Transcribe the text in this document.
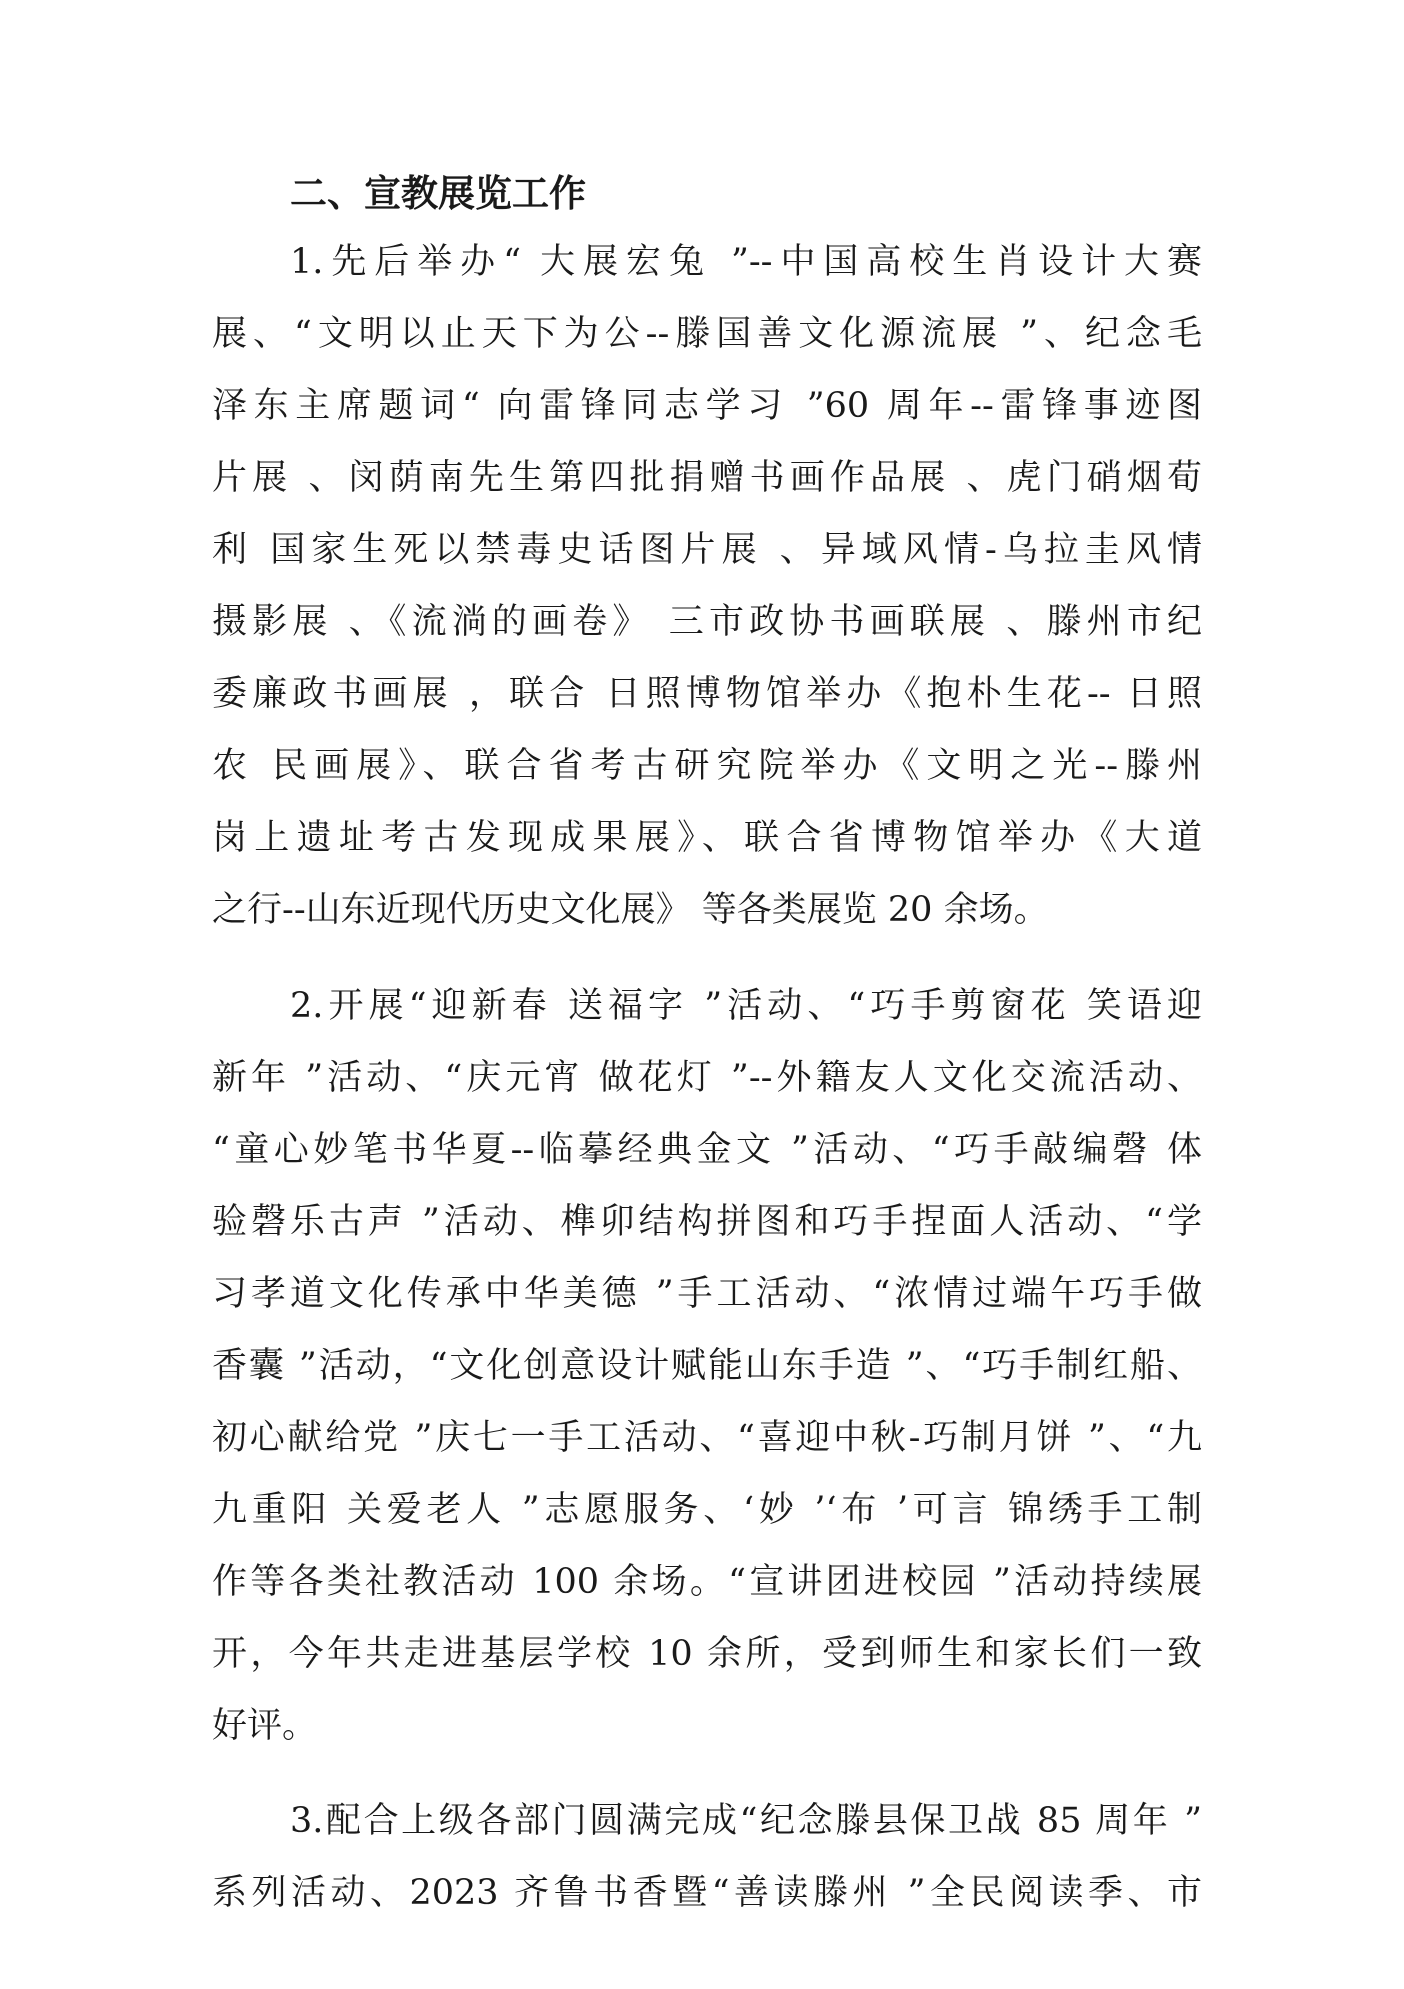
二、宣教展览工作
1.先后举办“ 大展宏兔 ”--中国高校生肖设计大赛
展、“文明以止天下为公--滕国善文化源流展 ”、纪念毛
泽东主席题词“ 向雷锋同志学习 ”60 周年--雷锋事迹图
片展 、闵荫南先生第四批捐赠书画作品展 、虎门硝烟荀
利 国家生死以禁毒史话图片展 、异域风情-乌拉圭风情
摄影展 、《流淌的画卷》 三市政协书画联展 、滕州市纪
委廉政书画展 ，联合 日照博物馆举办《抱朴生花-- 日照
农 民画展》、联合省考古研究院举办《文明之光--滕州
岗上遗址考古发现成果展》、联合省博物馆举办《大道
之行--山东近现代历史文化展》 等各类展览 20 余场。
2.开展“迎新春 送福字 ”活动、“巧手剪窗花 笑语迎
新年 ”活动、“庆元宵 做花灯 ”--外籍友人文化交流活动、
“童心妙笔书华夏--临摹经典金文 ”活动、“巧手敲编磬 体
验磬乐古声 ”活动、榫卯结构拼图和巧手捏面人活动、“学
习孝道文化传承中华美德 ”手工活动、“浓情过端午巧手做
香囊 ”活动，“文化创意设计赋能山东手造 ”、“巧手制红船、
初心献给党 ”庆七一手工活动、“喜迎中秋-巧制月饼 ”、“九
九重阳 关爱老人 ”志愿服务、‘妙 ’‘布 ’可言 锦绣手工制
作等各类社教活动 100 余场。“宣讲团进校园 ”活动持续展
开，今年共走进基层学校 10 余所，受到师生和家长们一致
好评。
3.配合上级各部门圆满完成“纪念滕县保卫战 85 周年 ”
系列活动、2023 齐鲁书香暨“善读滕州 ”全民阅读季、市
